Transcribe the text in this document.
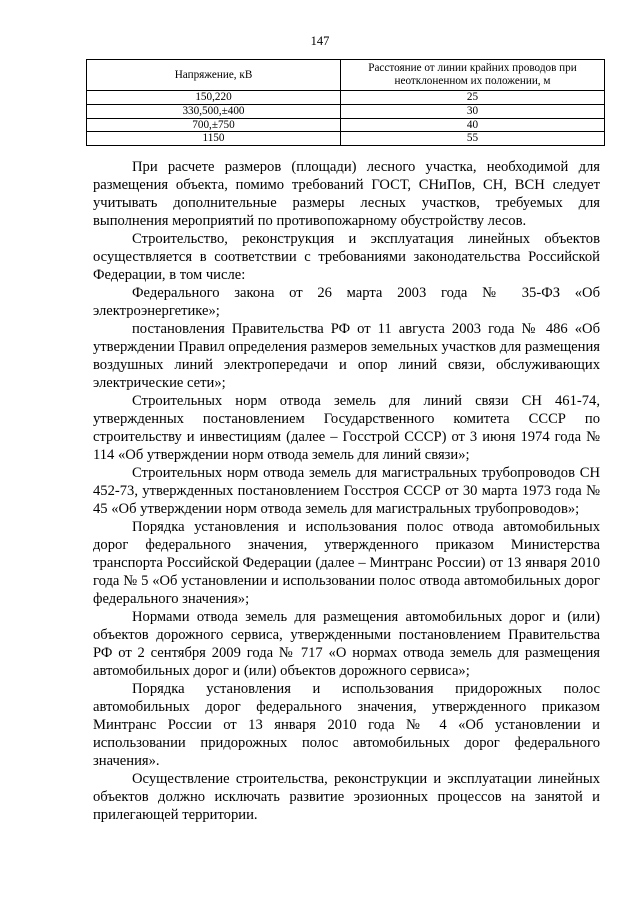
147
Напряжение, кВ	Расстояние от линии крайних проводов при неотклоненном их положении, м
150,220	25
330,500,±400	30
700,±750	40
1150	55

При расчете размеров (площади) лесного участка, необходимой для размещения объекта, помимо требований ГОСТ, СНиПов, СН, ВСН следует учитывать дополнительные размеры лесных участков, требуемых для выполнения мероприятий по противопожарному обустройству лесов.

Строительство, реконструкция и эксплуатация линейных объектов осуществляется в соответствии с требованиями законодательства Российской Федерации, в том числе:

Федерального закона от 26 марта 2003 года № 35-ФЗ «Об электроэнергетике»;

постановления Правительства РФ от 11 августа 2003 года № 486 «Об утверждении Правил определения размеров земельных участков для размещения воздушных линий электропередачи и опор линий связи, обслуживающих электрические сети»;

Строительных норм отвода земель для линий связи СН 461-74, утвержденных постановлением Государственного комитета СССР по строительству и инвестициям (далее – Госстрой СССР) от 3 июня 1974 года № 114 «Об утверждении норм отвода земель для линий связи»;

Строительных норм отвода земель для магистральных трубопроводов СН 452-73, утвержденных постановлением Госстроя СССР от 30 марта 1973 года № 45 «Об утверждении норм отвода земель для магистральных трубопроводов»;

Порядка установления и использования полос отвода автомобильных дорог федерального значения, утвержденного приказом Министерства транспорта Российской Федерации (далее – Минтранс России) от 13 января 2010 года № 5 «Об установлении и использовании полос отвода автомобильных дорог федерального значения»;

Нормами отвода земель для размещения автомобильных дорог и (или) объектов дорожного сервиса, утвержденными постановлением Правительства РФ от 2 сентября 2009 года № 717 «О нормах отвода земель для размещения автомобильных дорог и (или) объектов дорожного сервиса»;

Порядка установления и использования придорожных полос автомобильных дорог федерального значения, утвержденного приказом Минтранс России от 13 января 2010 года № 4 «Об установлении и использовании придорожных полос автомобильных дорог федерального значения».

Осуществление строительства, реконструкции и эксплуатации линейных объектов должно исключать развитие эрозионных процессов на занятой и прилегающей территории.
